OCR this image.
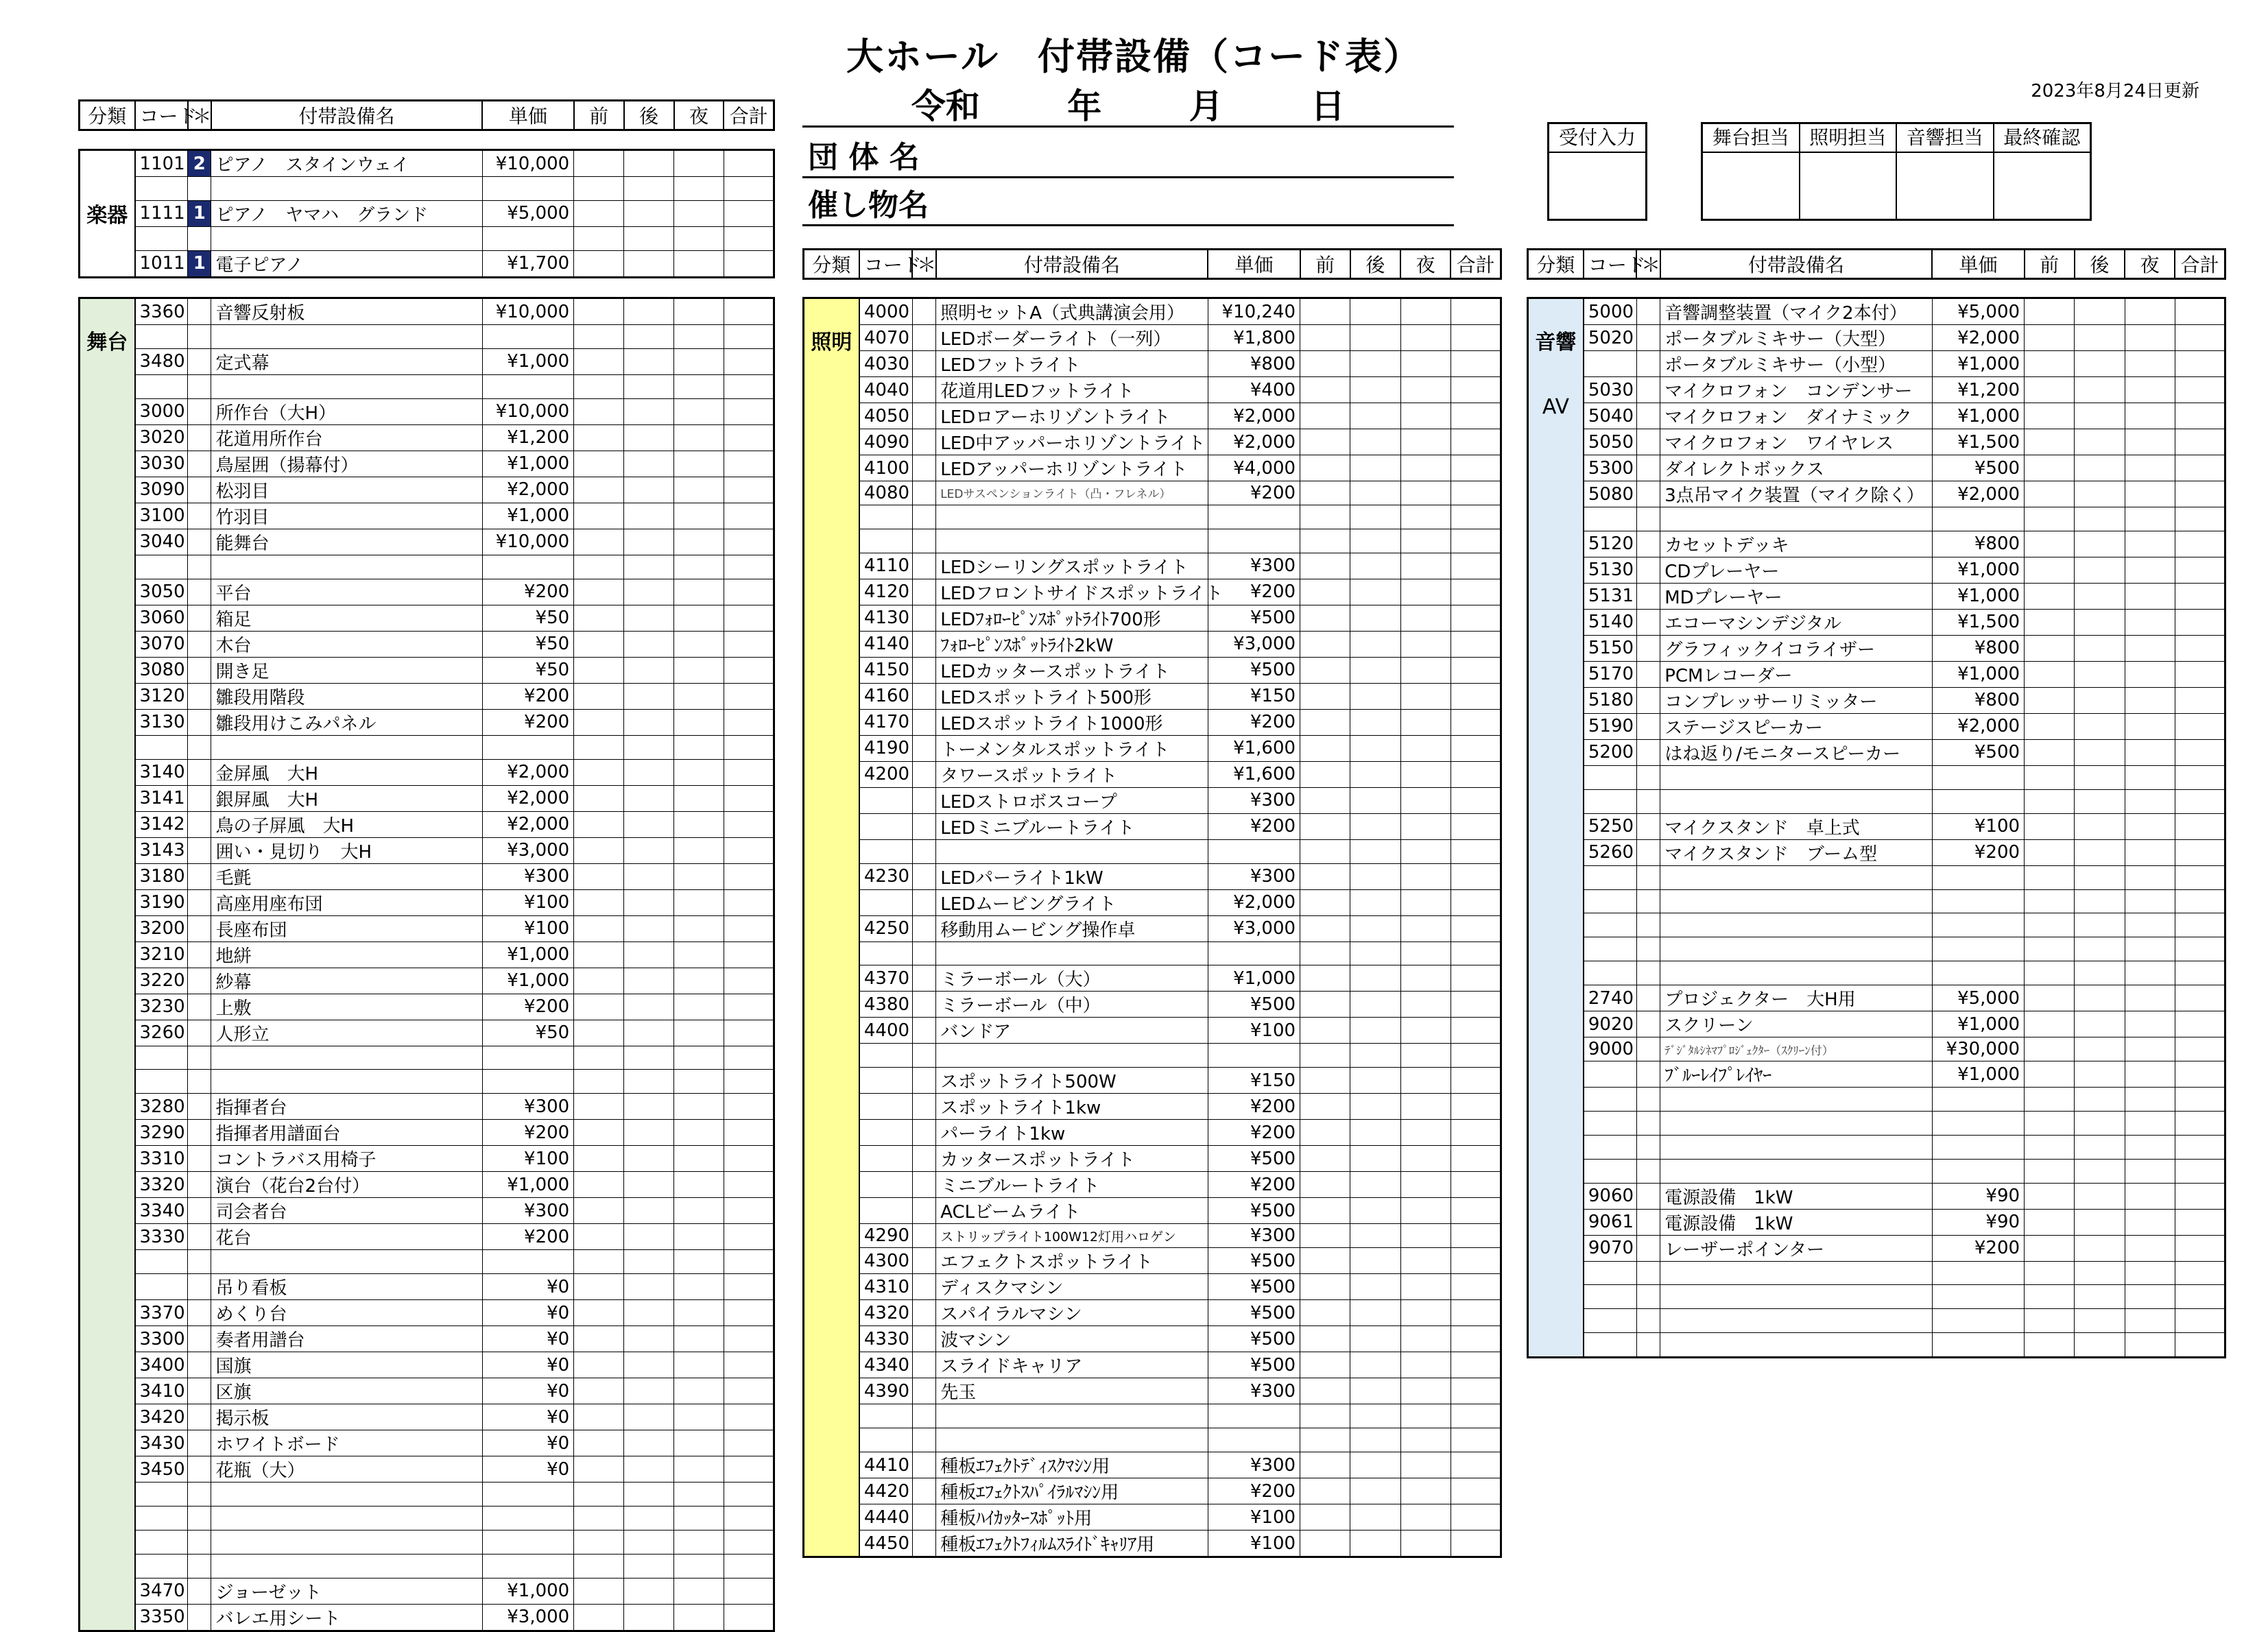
大ホール　付帯設備（コード表）
令和	年	月	日	2023年8月24日更新
団 体 名
催し物名
受付入力	舞台担当	照明担当	音響担当	最終確認
分類	コード	＊	付帯設備名	単価	前	後	夜	合計
楽器	1101	2	ピアノ　スタインウェイ	¥10,000				

	1111	1	ピアノ　ヤマハ　グランド	¥5,000				

	1011	1	電子ピアノ	¥1,700				
舞台	3360		音響反射板	¥10,000				

	3480		定式幕	¥1,000				

	3000		所作台（大H）	¥10,000				
	3020		花道用所作台	¥1,200				
	3030		鳥屋囲（揚幕付）	¥1,000				
	3090		松羽目	¥2,000				
	3100		竹羽目	¥1,000				
	3040		能舞台	¥10,000				

	3050		平台	¥200				
	3060		箱足	¥50				
	3070		木台	¥50				
	3080		開き足	¥50				
	3120		雛段用階段	¥200				
	3130		雛段用けこみパネル	¥200				

	3140		金屏風　大H	¥2,000				
	3141		銀屏風　大H	¥2,000				
	3142		鳥の子屏風　大H	¥2,000				
	3143		囲い・見切り　大H	¥3,000				
	3180		毛氈	¥300				
	3190		高座用座布団	¥100				
	3200		長座布団	¥100				
	3210		地絣	¥1,000				
	3220		紗幕	¥1,000				
	3230		上敷	¥200				
	3260		人形立	¥50				

	3280		指揮者台	¥300				
	3290		指揮者用譜面台	¥200				
	3310		コントラバス用椅子	¥100				
	3320		演台（花台2台付）	¥1,000				
	3340		司会者台	¥300				
	3330		花台	¥200				

			吊り看板	¥0				
	3370		めくり台	¥0				
	3300		奏者用譜台	¥0				
	3400		国旗	¥0				
	3410		区旗	¥0				
	3420		掲示板	¥0				
	3430		ホワイトボード	¥0				
	3450		花瓶（大）	¥0				

	3470		ジョーゼット	¥1,000				
	3350		バレエ用シート	¥3,000				
分類	コード	＊	付帯設備名	単価	前	後	夜	合計
照明	4000		照明セットA（式典講演会用）	¥10,240				
	4070		LEDボーダーライト（一列）	¥1,800				
	4030		LEDフットライト	¥800				
	4040		花道用LEDフットライト	¥400				
	4050		LEDロアーホリゾントライト	¥2,000				
	4090		LED中アッパーホリゾントライト	¥2,000				
	4100		LEDアッパーホリゾントライト	¥4,000				
	4080		LEDサスペンションライト（凸・フレネル）	¥200				

	4110		LEDシーリングスポットライト	¥300				
	4120		LEDフロントサイドスポットライト	¥200				
	4130		LEDﾌｫﾛｰﾋﾟﾝｽﾎﾟｯﾄﾗｲﾄ700形	¥500				
	4140		ﾌｫﾛｰﾋﾟﾝｽﾎﾟｯﾄﾗｲﾄ2kW	¥3,000				
	4150		LEDカッタースポットライト	¥500				
	4160		LEDスポットライト500形	¥150				
	4170		LEDスポットライト1000形	¥200				
	4190		トーメンタルスポットライト	¥1,600				
	4200		タワースポットライト	¥1,600				
			LEDストロボスコープ	¥300				
			LEDミニブルートライト	¥200				

	4230		LEDパーライト1kW	¥300				
			LEDムービングライト	¥2,000				
	4250		移動用ムービング操作卓	¥3,000				

	4370		ミラーボール（大）	¥1,000				
	4380		ミラーボール（中）	¥500				
	4400		バンドア	¥100				

			スポットライト500W	¥150				
			スポットライト1kw	¥200				
			パーライト1kw	¥200				
			カッタースポットライト	¥500				
			ミニブルートライト	¥200				
			ACLビームライト	¥500				
	4290		ストリップライト100W12灯用ハロゲン	¥300				
	4300		エフェクトスポットライト	¥500				
	4310		ディスクマシン	¥500				
	4320		スパイラルマシン	¥500				
	4330		波マシン	¥500				
	4340		スライドキャリア	¥500				
	4390		先玉	¥300				

	4410		種板ｴﾌｪｸﾄﾃﾞｨｽｸﾏｼﾝ用	¥300				
	4420		種板ｴﾌｪｸﾄｽﾊﾟｲﾗﾙﾏｼﾝ用	¥200				
	4440		種板ﾊｲｶｯﾀｰｽﾎﾟｯﾄ用	¥100				
	4450		種板ｴﾌｪｸﾄﾌｨﾙﾑｽﾗｲﾄﾞｷｬﾘｱ用	¥100				
分類	コード	＊	付帯設備名	単価	前	後	夜	合計
音響
AV	5000		音響調整装置（マイク2本付）	¥5,000				
	5020		ポータブルミキサー（大型）	¥2,000				
			ポータブルミキサー（小型）	¥1,000				
	5030		マイクロフォン　コンデンサー	¥1,200				
	5040		マイクロフォン　ダイナミック	¥1,000				
	5050		マイクロフォン　ワイヤレス	¥1,500				
	5300		ダイレクトボックス	¥500				
	5080		3点吊マイク装置（マイク除く）	¥2,000				

	5120		カセットデッキ	¥800				
	5130		CDプレーヤー	¥1,000				
	5131		MDプレーヤー	¥1,000				
	5140		エコーマシンデジタル	¥1,500				
	5150		グラフィックイコライザー	¥800				
	5170		PCMレコーダー	¥1,000				
	5180		コンプレッサーリミッター	¥800				
	5190		ステージスピーカー	¥2,000				
	5200		はね返り/モニタースピーカー	¥500				

	5250		マイクスタンド　卓上式	¥100				
	5260		マイクスタンド　ブーム型	¥200				

	2740		プロジェクター　大H用	¥5,000				
	9020		スクリーン	¥1,000				
	9000		ﾃﾞｼﾞﾀﾙｼﾈﾏﾌﾟﾛｼﾞｪｸﾀｰ（ｽｸﾘｰﾝ付）	¥30,000				
			ﾌﾞﾙｰﾚｲﾌﾟﾚｲﾔｰ	¥1,000				

	9060		電源設備　1kW	¥90				
	9061		電源設備　1kW	¥90				
	9070		レーザーポインター	¥200				
